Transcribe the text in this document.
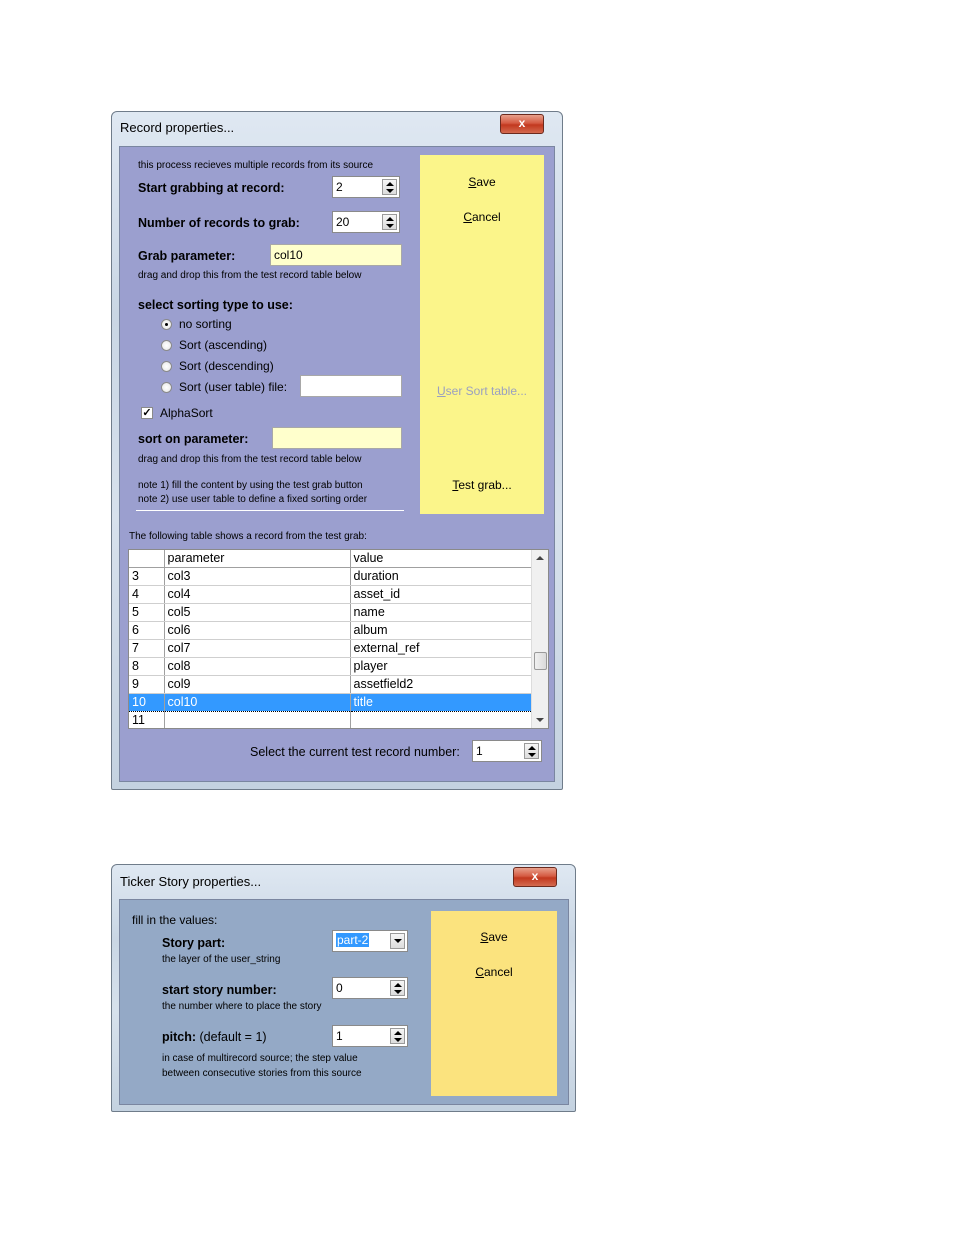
Record properties...	x
Save
Cancel
User Sort table...
Test grab...
this process recieves multiple records from its source
Start grabbing at record:	2
Number of records to grab:	20
Grab parameter:	col10
drag and drop this from the test record table below
select sorting type to use:
no sorting
Sort (ascending)
Sort (descending)
Sort (user table) file:
✓ AlphaSort
sort on parameter:
drag and drop this from the test record table below
note 1) fill the content by using the test grab button
note 2) use user table to define a fixed sorting order
The following table shows a record from the test grab:
	parameter	value
3	col3	duration
4	col4	asset_id
5	col5	name
6	col6	album
7	col7	external_ref
8	col8	player
9	col9	assetfield2
10	col10	title
11		
Select the current test record number: 1
Ticker Story properties...	x
Save
Cancel
fill in the values:
Story part:
the layer of the user_string
part-2
start story number:
the number where to place the story
0
pitch: (default = 1)	1
in case of multirecord source; the step value
between consecutive stories from this source
